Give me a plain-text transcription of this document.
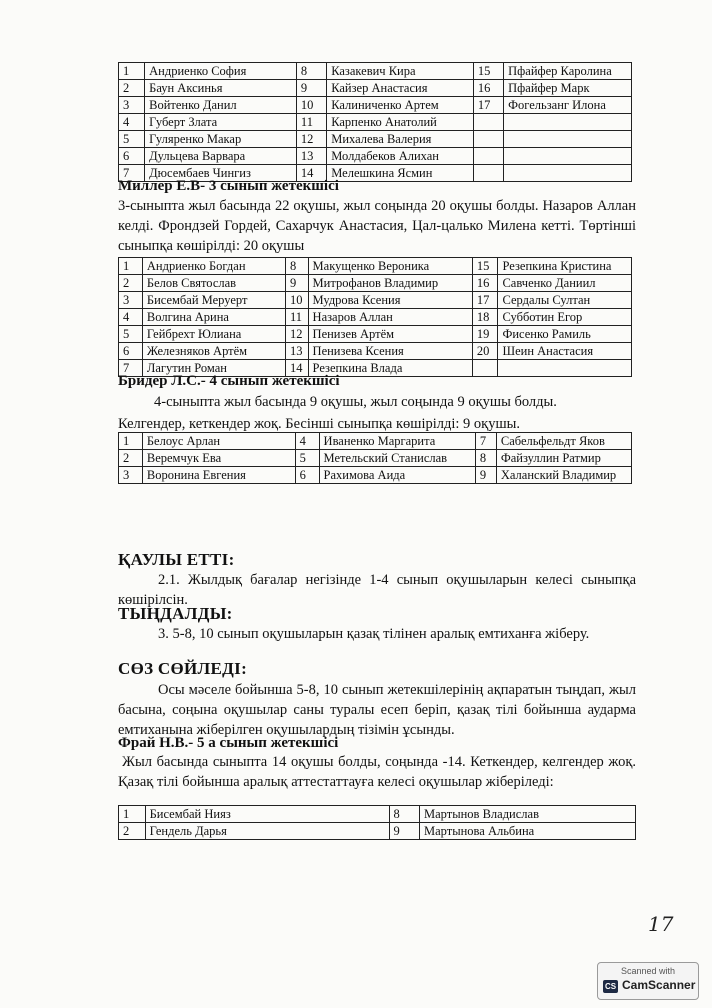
1	Андриенко София	8	Казакевич Кира	15	Пфайфер Каролина
2	Баун Аксинья	9	Кайзер Анастасия	16	Пфайфер Марк
3	Войтенко Данил	10	Калиниченко Артем	17	Фогельзанг Илона
4	Губерт Злата	11	Карпенко Анатолий		
5	Гуляренко Макар	12	Михалева Валерия		
6	Дульцева Варвара	13	Молдабеков Алихан		
7	Дюсембаев Чингиз	14	Мелешкина Ясмин		
Миллер Е.В- 3 сынып жетекшісі
3-сыныпта жыл басында 22 оқушы, жыл соңында 20 оқушы болды. Назаров Аллан келді. Фрондзей Гордей, Сахарчук Анастасия, Цал-цалько Милена кетті. Төртінші сыныпқа көшірілді: 20 оқушы
1	Андриенко Богдан	8	Макущенко Вероника	15	Резепкина Кристина
2	Белов Святослав	9	Митрофанов Владимир	16	Савченко Даниил
3	Бисембай Меруерт	10	Мудрова Ксения	17	Сердалы Султан
4	Волгина Арина	11	Назаров Аллан	18	Субботин Егор
5	Гейбрехт Юлиана	12	Пенизев Артём	19	Фисенко Рамиль
6	Железняков Артём	13	Пенизева Ксения	20	Шеин Анастасия
7	Лагутин Роман	14	Резепкина Влада		
Бридер Л.С.- 4 сынып жетекшісі
4-сыныпта жыл басында 9 оқушы, жыл соңында 9 оқушы болды.
Келгендер, кеткендер жоқ. Бесінші сыныпқа көшірілді: 9 оқушы.
1	Белоус Арлан	4	Иваненко Маргарита	7	Сабельфельдт Яков
2	Веремчук Ева	5	Метельский Станислав	8	Файзуллин Ратмир
3	Воронина Евгения	6	Рахимова Аида	9	Халанский Владимир
ҚАУЛЫ ЕТТІ:
2.1. Жылдық бағалар негізінде 1-4 сынып оқушыларын келесі сыныпқа көшірілсін.
ТЫҢДАЛДЫ:
3. 5-8, 10 сынып оқушыларын қазақ тілінен аралық емтиханға жіберу.
СӨЗ СӨЙЛЕДІ:
Осы мәселе бойынша 5-8, 10 сынып жетекшілерінің ақпаратын тыңдап, жыл басына, соңына оқушылар саны туралы есеп беріп, қазақ тілі бойынша аударма емтиханына жіберілген оқушылардың тізімін ұсынды.
Фрай Н.В.- 5 а сынып жетекшісі
Жыл басында сыныпта 14 оқушы болды, соңында -14. Кеткендер, келгендер жоқ. Қазақ тілі бойынша аралық аттестаттауға келесі оқушылар жіберіледі:
1	Бисембай Нияз	8	Мартынов Владислав
2	Гендель Дарья	9	Мартынова Альбина
17
Scanned with
CS CamScanner
